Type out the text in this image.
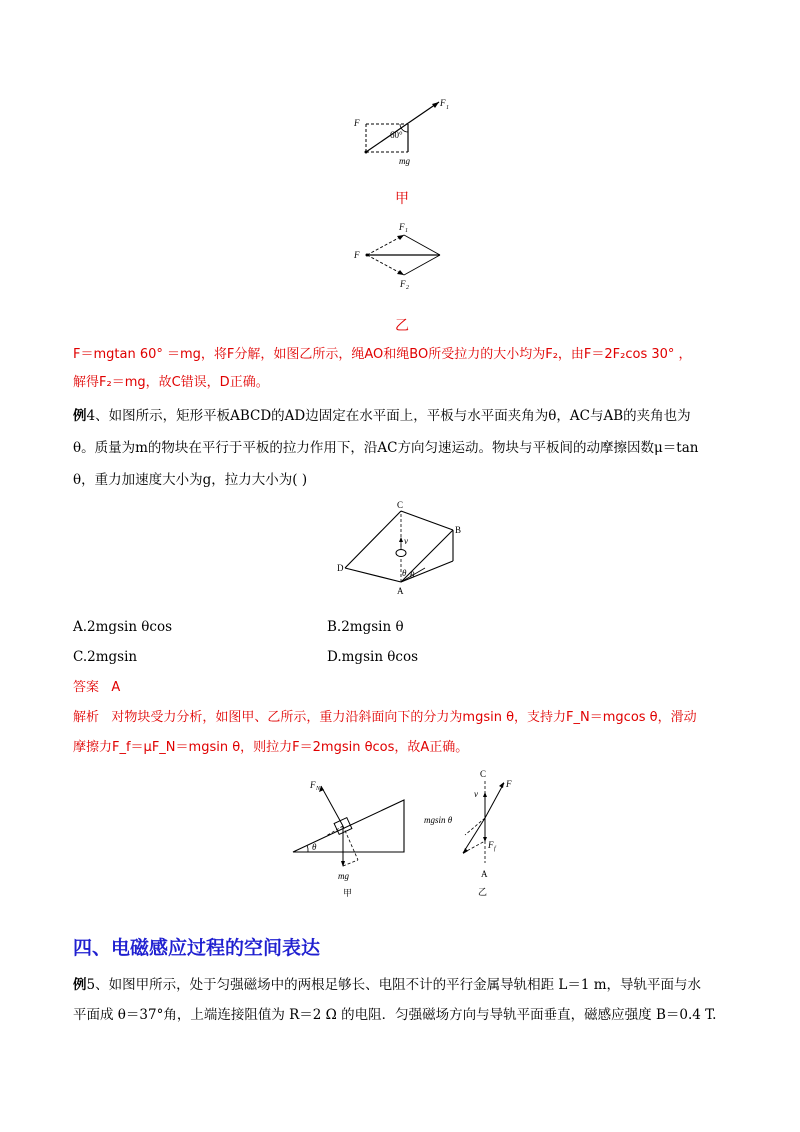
F
F 1
60°
mg
甲
F
F 1
F 2
乙
F＝mgtan 60° ＝mg，将F分解，如图乙所示，绳AO和绳BO所受拉力的大小均为F₂，由F＝2F₂cos 30° ，
解得F₂＝mg，故C错误，D正确。
例4、如图所示，矩形平板ABCD的AD边固定在水平面上，平板与水平面夹角为θ，AC与AB的夹角也为
θ。质量为m的物块在平行于平板的拉力作用下，沿AC方向匀速运动。物块与平板间的动摩擦因数μ＝tan
θ，重力加速度大小为g，拉力大小为( )
C
B
D
A
v
θ θ
A.2mgsin θcos	B.2mgsin θ
C.2mgsin	D.mgsin θcos
答案 A
解析 对物块受力分析，如图甲、乙所示，重力沿斜面向下的分力为mgsin θ，支持力F_N＝mgcos θ，滑动
摩擦力F_f＝μF_N＝mgsin θ，则拉力F＝2mgsin θcos，故A正确。
F N
θ
mg
甲
C
F
v
mgsin θ
F f
A
乙
四、电磁感应过程的空间表达
例5、如图甲所示，处于匀强磁场中的两根足够长、电阻不计的平行金属导轨相距 L＝1 m，导轨平面与水
平面成 θ＝37°角，上端连接阻值为 R＝2 Ω 的电阻．匀强磁场方向与导轨平面垂直，磁感应强度 B＝0.4 T.
